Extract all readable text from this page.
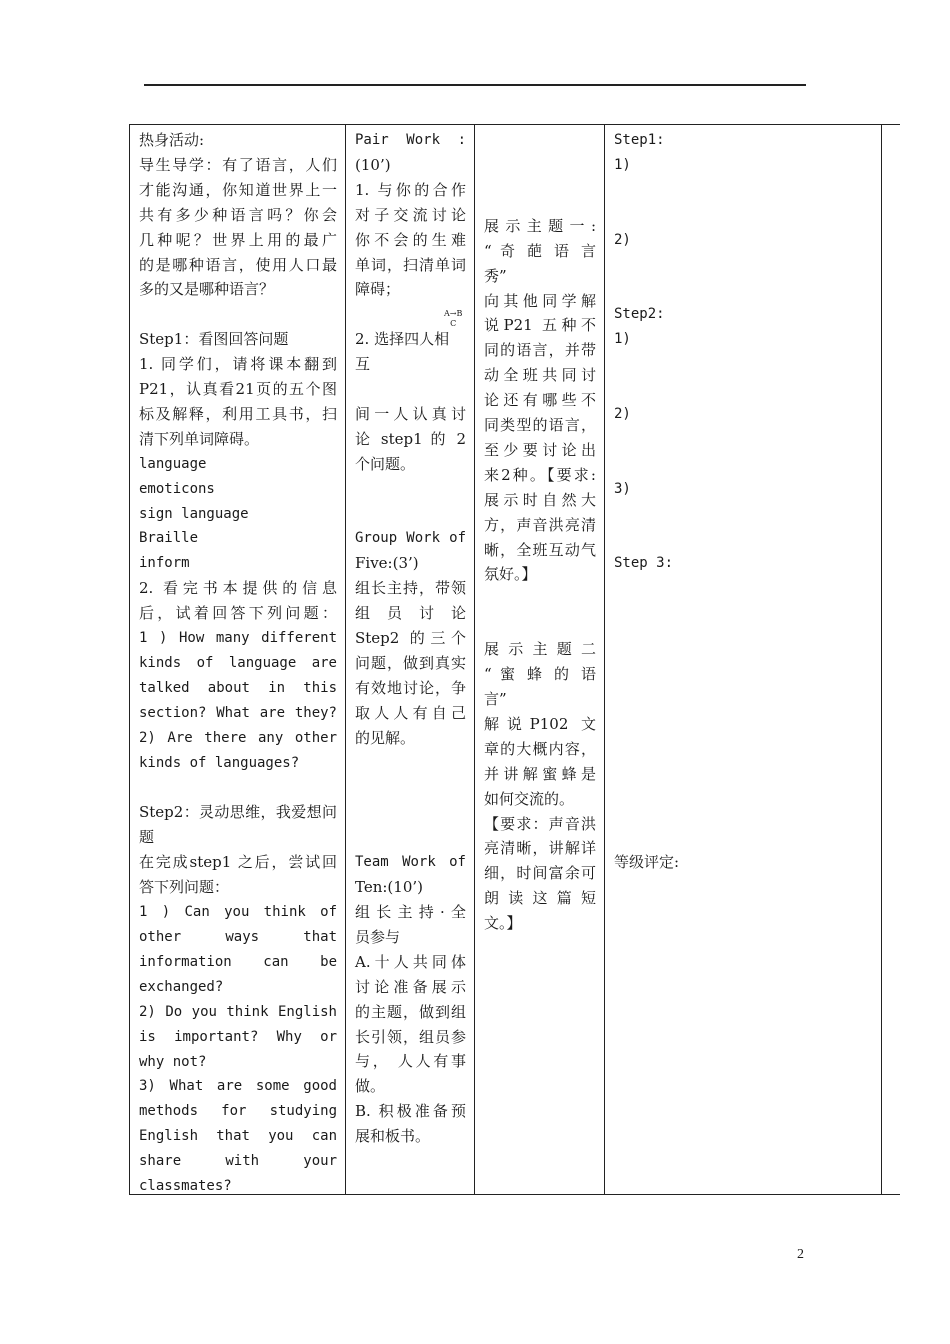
热身活动:

导生导学：有了语言，人们

才能沟通，你知道世界上一

共有多少种语言吗？你会

几种呢？世界上用的最广

的是哪种语言，使用人口最

多的又是哪种语言？

Step1：看图回答问题

1. 同学们，请将课本翻到

P21，认真看21页的五个图

标及解释，利用工具书，扫

清下列单词障碍。

language

emoticons

sign language

Braille

inform

2. 看完书本提供的信息

后，试着回答下列问题：

1 ) How many different

kinds of language are

talked about in this

section? What are they?

2) Are there any other

kinds of languages?

Step2：灵动思维，我爱想问

题

在完成step1 之后，尝试回

答下列问题：

1 ) Can you think of

other ways that

information can be

exchanged?

2) Do you think English

is important? Why or

why not?

3) What are some good

methods for studying

English that you can

share with your

classmates?

Pair Work :

(10’)

1. 与你的合作

对子交流讨论

你不会的生难

单词，扫清单词

障碍；

2. 选择四人相

互

间一人认真讨

论 step1 的 2

个问题。

Group Work of

Five:(3’)

组长主持，带领

组 员 讨 论

Step2 的三个

问题，做到真实

有效地讨论，争

取人人有自己

的见解。

Team Work of

Ten:(10’)

组长主持·全

员参与

A.十人共同体

讨论准备展示

的主题，做到组

长引领，组员参

与， 人人有事

做。

B. 积极准备预

展和板书。

展示主题一:

“ 奇 葩 语 言

秀”

向其他同学解

说P21 五种不

同的语言，并带

动全班共同讨

论还有哪些不

同类型的语言，

至少要讨论出

来2种。【要求:

展示时自然大

方，声音洪亮清

晰，全班互动气

氛好。】

展示主题二

“ 蜜 蜂 的 语

言”

解说P102 文

章的大概内容，

并讲解蜜蜂是

如何交流的。

【要求：声音洪

亮清晰，讲解详

细，时间富余可

朗读这篇短

文。】

Step1:

1)

2)

Step2:

1)

2)

3)

Step 3:

等级评定:

A→B
C
2
